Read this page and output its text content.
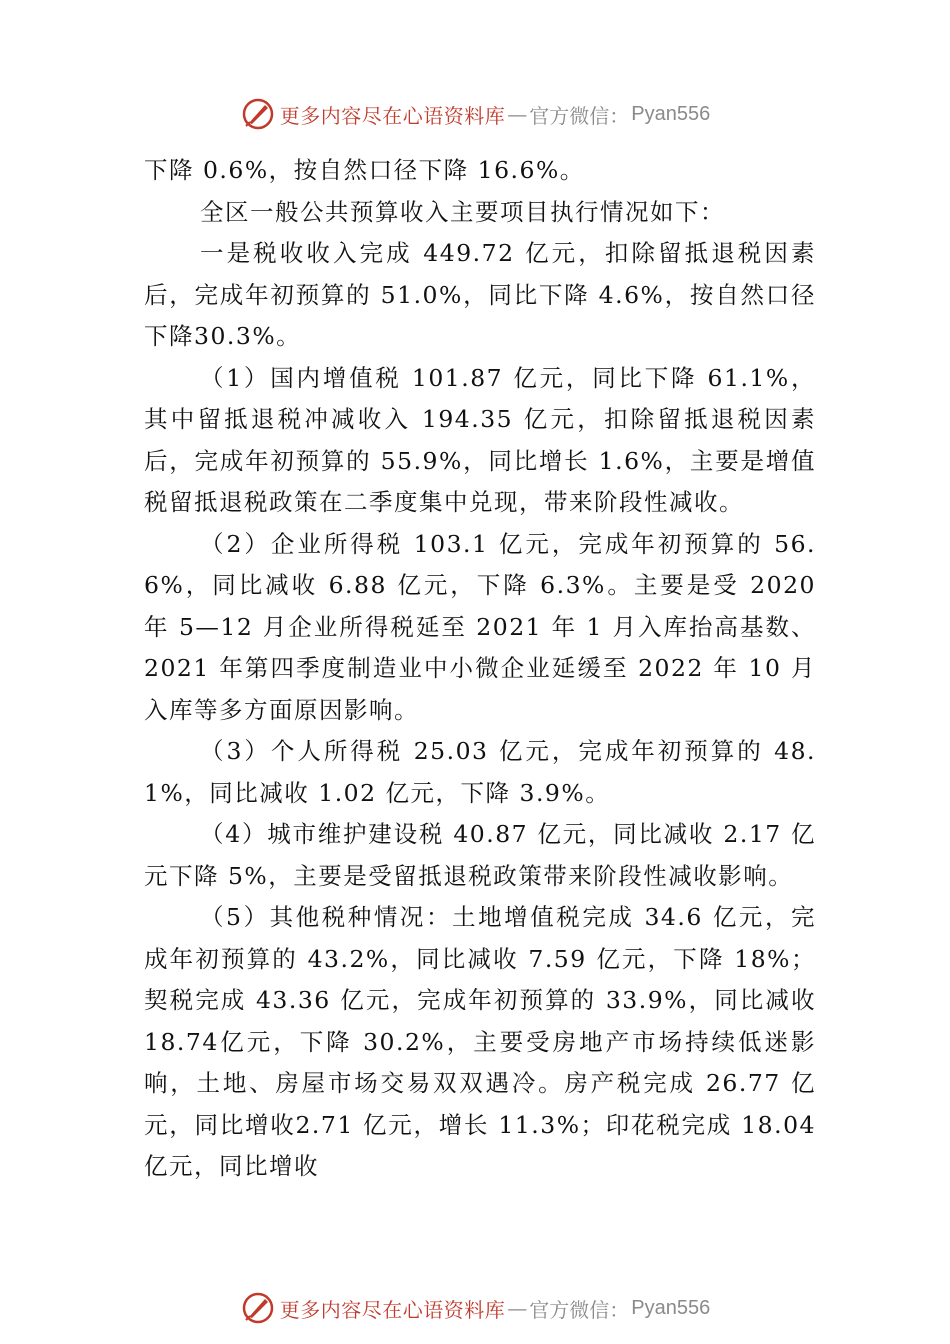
更多内容尽在心语资料库 — 官方微信： Pyan556

下降 0.6%，按自然口径下降 16.6%。

全区一般公共预算收入主要项目执行情况如下：

一是税收收入完成 449.72 亿元，扣除留抵退税因素后，完成年初预算的 51.0%，同比下降 4.6%，按自然口径下降30.3%。

（1）国内增值税 101.87 亿元，同比下降 61.1%，其中留抵退税冲减收入 194.35 亿元，扣除留抵退税因素后，完成年初预算的 55.9%，同比增长 1.6%，主要是增值税留抵退税政策在二季度集中兑现，带来阶段性减收。

（2）企业所得税 103.1 亿元，完成年初预算的 56.6%，同比减收 6.88 亿元，下降 6.3%。主要是受 2020 年 5—12 月企业所得税延至 2021 年 1 月入库抬高基数、2021 年第四季度制造业中小微企业延缓至 2022 年 10 月入库等多方面原因影响。

（3）个人所得税 25.03 亿元，完成年初预算的 48.1%，同比减收 1.02 亿元，下降 3.9%。

（4）城市维护建设税 40.87 亿元，同比减收 2.17 亿元下降 5%，主要是受留抵退税政策带来阶段性减收影响。

（5）其他税种情况：土地增值税完成 34.6 亿元，完成年初预算的 43.2%，同比减收 7.59 亿元，下降 18%；契税完成 43.36 亿元，完成年初预算的 33.9%，同比减收 18.74亿元，下降 30.2%，主要受房地产市场持续低迷影响，土地、房屋市场交易双双遇冷。房产税完成 26.77 亿元，同比增收2.71 亿元，增长 11.3%；印花税完成 18.04 亿元，同比增收

更多内容尽在心语资料库 — 官方微信： Pyan556
